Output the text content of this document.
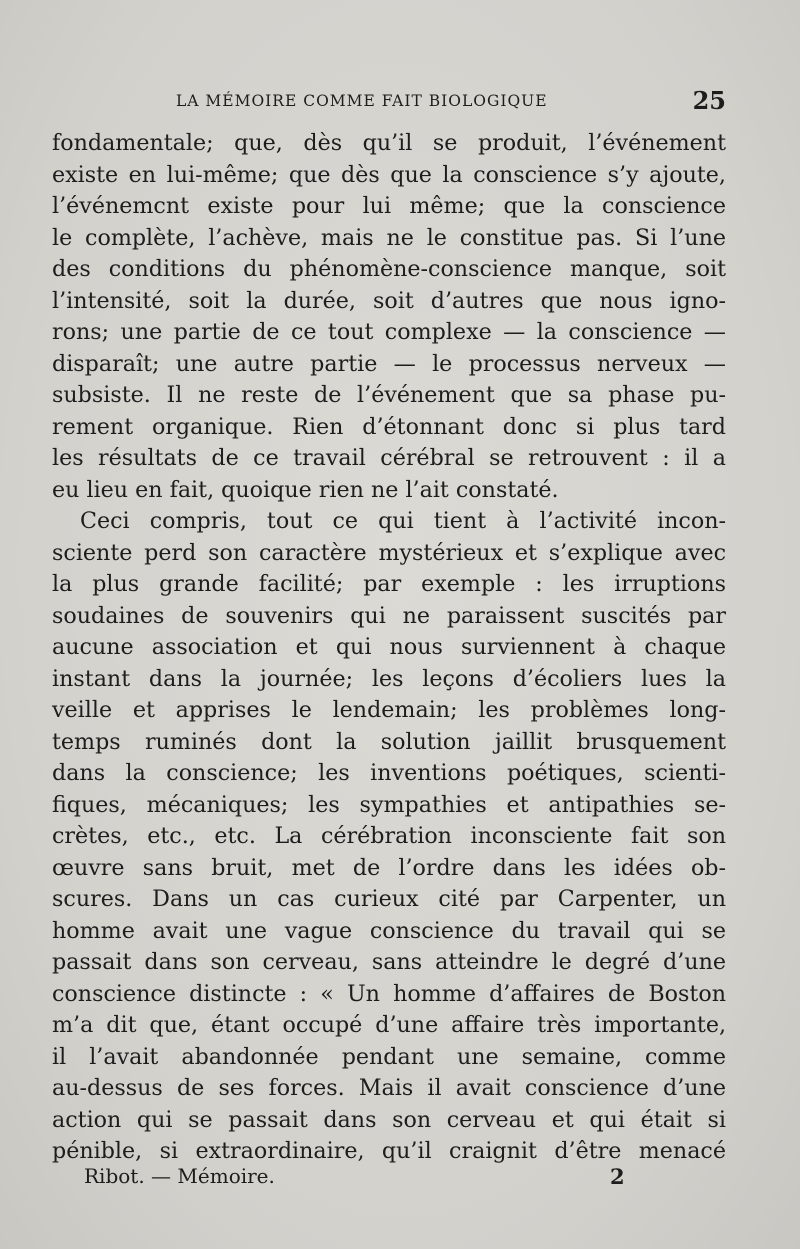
LA MÉMOIRE COMME FAIT BIOLOGIQUE	25
fondamentale; que, dès qu’il se produit, l’événement
existe en lui-même; que dès que la conscience s’y ajoute,
l’événemcnt existe pour lui même; que la conscience
le complète, l’achève, mais ne le constitue pas. Si l’une
des conditions du phénomène-conscience manque, soit
l’intensité, soit la durée, soit d’autres que nous igno-
rons; une partie de ce tout complexe — la conscience —
disparaît; une autre partie — le processus nerveux —
subsiste. Il ne reste de l’événement que sa phase pu-
rement organique. Rien d’étonnant donc si plus tard
les résultats de ce travail cérébral se retrouvent : il a
eu lieu en fait, quoique rien ne l’ait constaté.
Ceci compris, tout ce qui tient à l’activité incon-
sciente perd son caractère mystérieux et s’explique avec
la plus grande facilité; par exemple : les irruptions
soudaines de souvenirs qui ne paraissent suscités par
aucune association et qui nous surviennent à chaque
instant dans la journée; les leçons d’écoliers lues la
veille et apprises le lendemain; les problèmes long-
temps ruminés dont la solution jaillit brusquement
dans la conscience; les inventions poétiques, scienti-
fiques, mécaniques; les sympathies et antipathies se-
crètes, etc., etc. La cérébration inconsciente fait son
œuvre sans bruit, met de l’ordre dans les idées ob-
scures. Dans un cas curieux cité par Carpenter, un
homme avait une vague conscience du travail qui se
passait dans son cerveau, sans atteindre le degré d’une
conscience distincte : « Un homme d’affaires de Boston
m’a dit que, étant occupé d’une affaire très importante,
il l’avait abandonnée pendant une semaine, comme
au-dessus de ses forces. Mais il avait conscience d’une
action qui se passait dans son cerveau et qui était si
pénible, si extraordinaire, qu’il craignit d’être menacé
Ribot. — Mémoire.	2
